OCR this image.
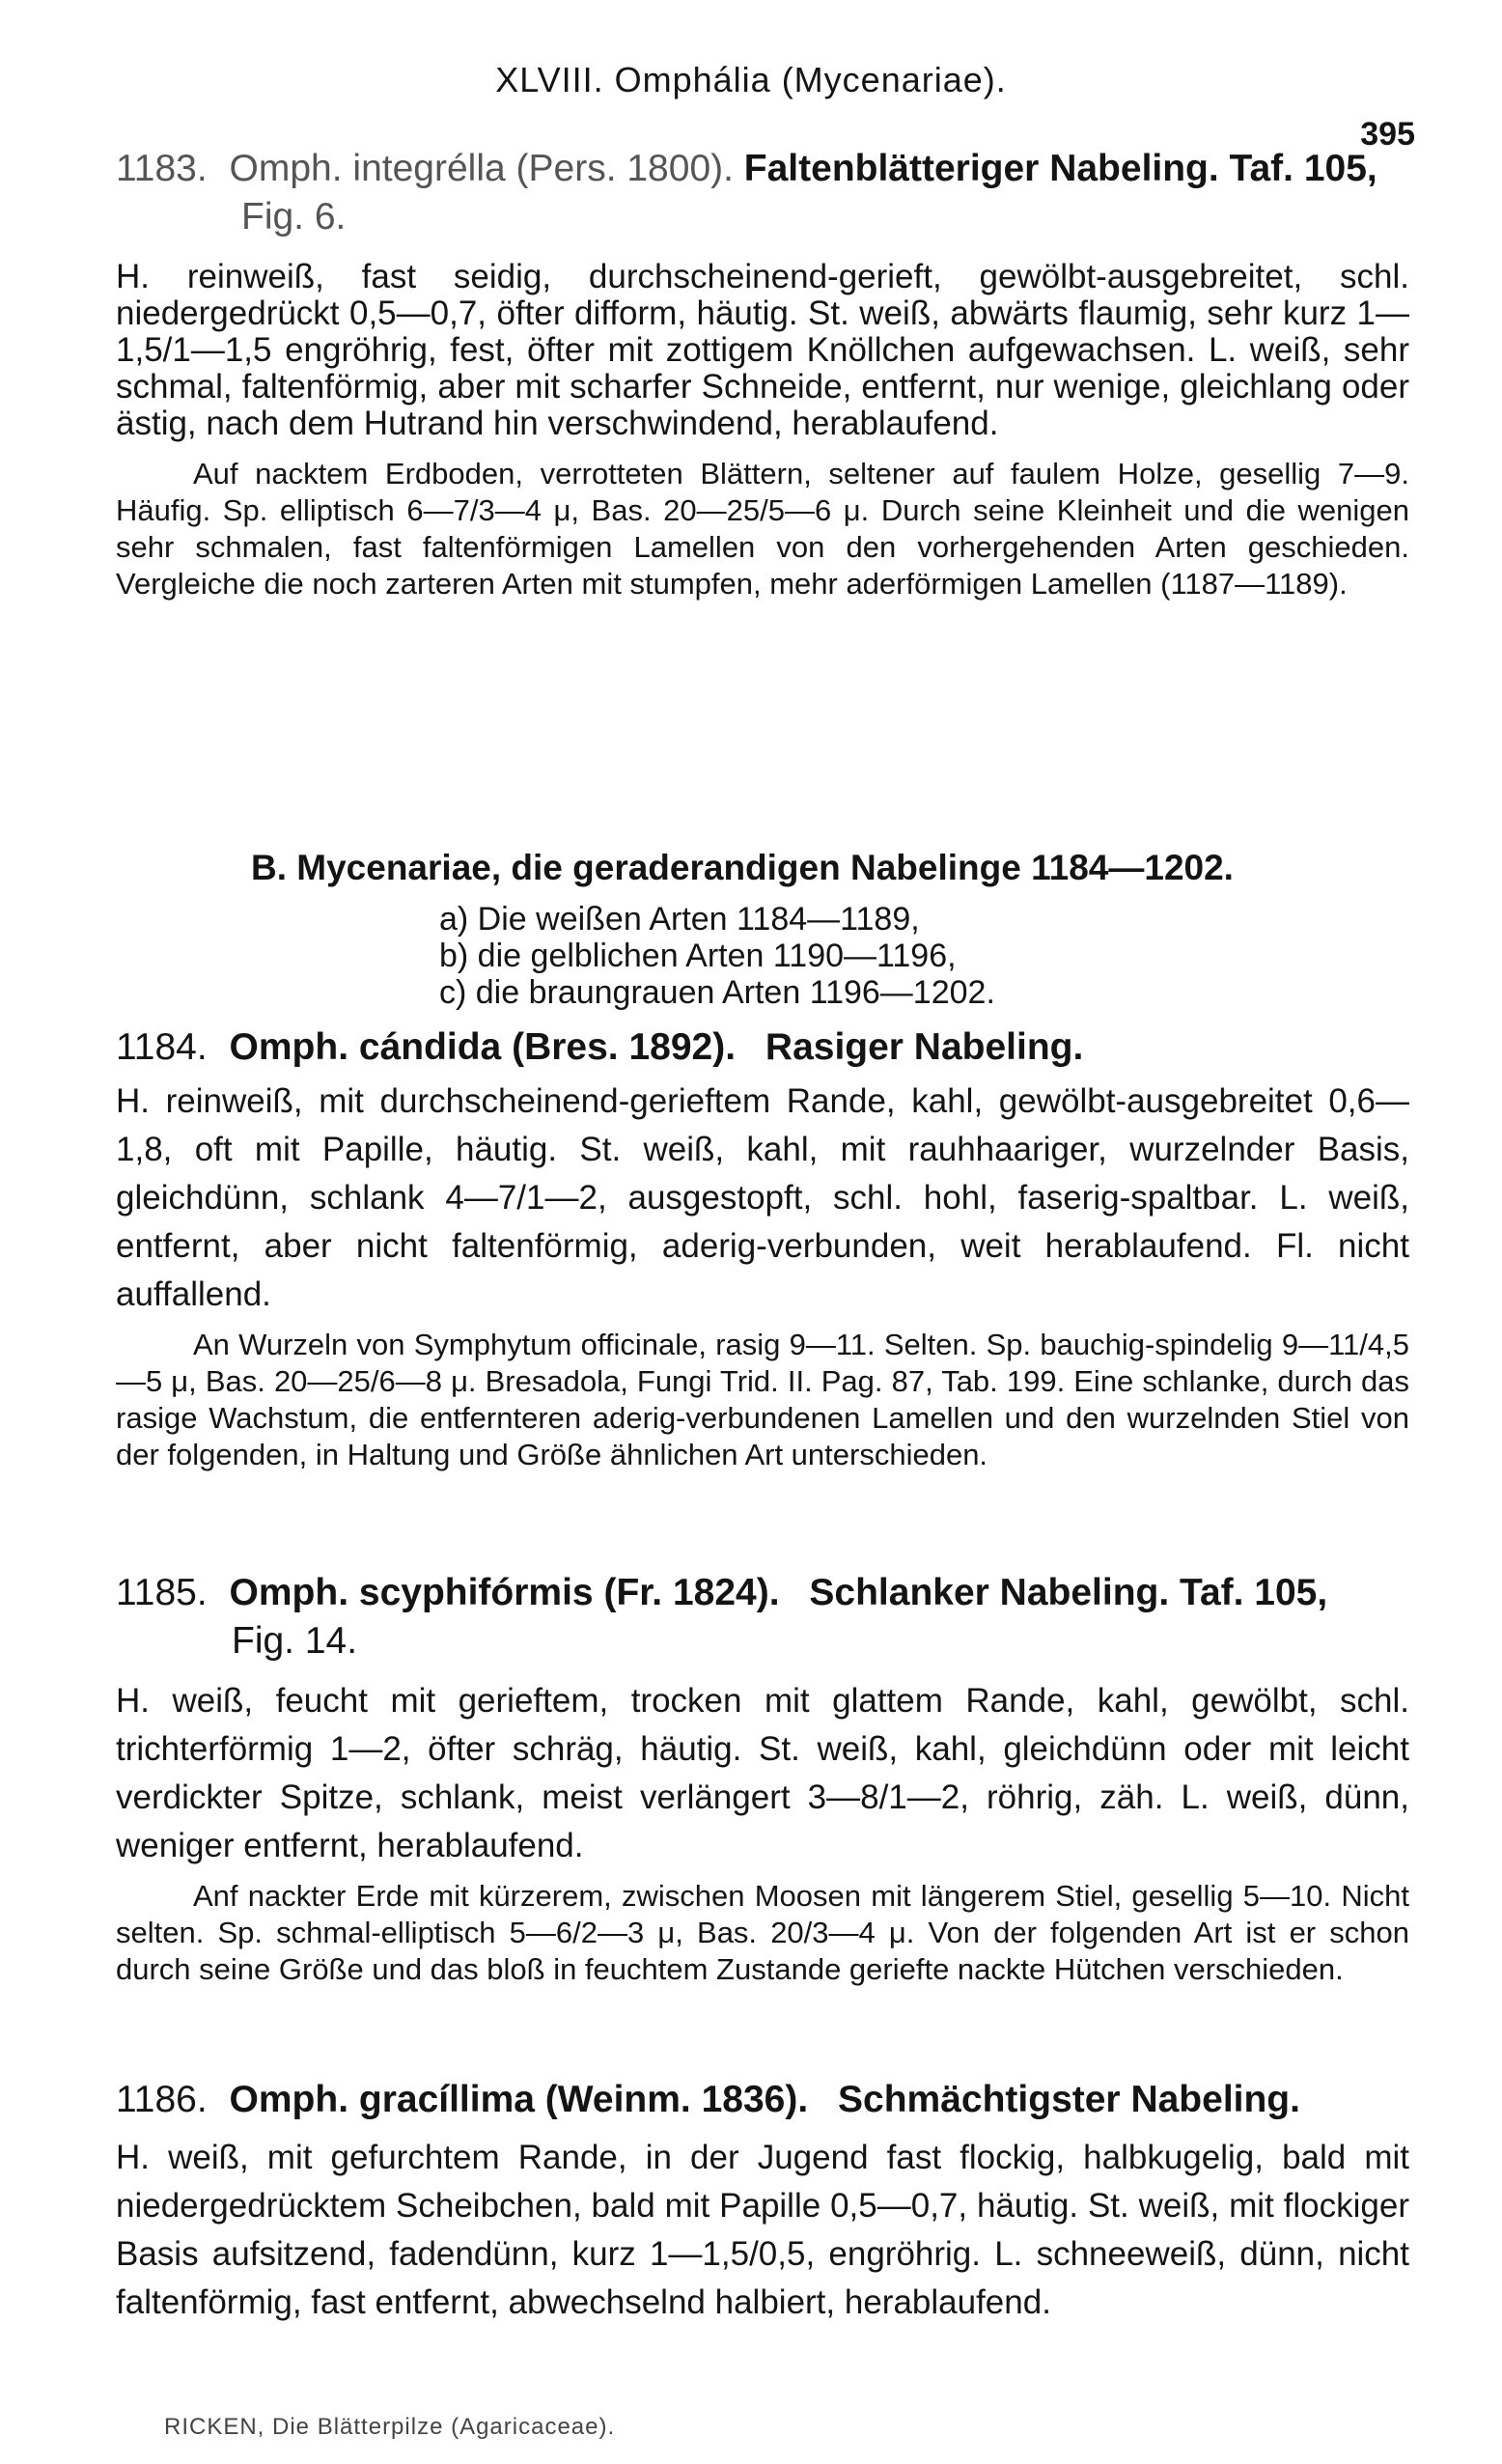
XLVIII. Omphália (Mycenariae).
395
1183. Omph. integrélla (Pers. 1800). Faltenblätteriger Nabeling. Taf. 105,
Fig. 6.

H. reinweiß, fast seidig, durchscheinend-gerieft, gewölbt-ausgebreitet, schl. niedergedrückt 0,5—0,7, öfter difform, häutig. St. weiß, abwärts flaumig, sehr kurz 1—1,5/1—1,5 engröhrig, fest, öfter mit zottigem Knöllchen aufgewachsen. L. weiß, sehr schmal, faltenförmig, aber mit scharfer Schneide, entfernt, nur wenige, gleichlang oder ästig, nach dem Hutrand hin verschwindend, herablaufend.

Auf nacktem Erdboden, verrotteten Blättern, seltener auf faulem Holze, gesellig 7—9. Häufig. Sp. elliptisch 6—7/3—4 μ, Bas. 20—25/5—6 μ. Durch seine Kleinheit und die wenigen sehr schmalen, fast faltenförmigen Lamellen von den vorhergehenden Arten geschieden. Vergleiche die noch zarteren Arten mit stumpfen, mehr aderförmigen Lamellen (1187—1189).

B. Mycenariae, die geraderandigen Nabelinge 1184—1202.
a) Die weißen Arten 1184—1189,
b) die gelblichen Arten 1190—1196,
c) die braungrauen Arten 1196—1202.
1184. Omph. cándida (Bres. 1892). Rasiger Nabeling.

H. reinweiß, mit durchscheinend-gerieftem Rande, kahl, gewölbt-ausgebreitet 0,6—1,8, oft mit Papille, häutig. St. weiß, kahl, mit rauhhaariger, wurzelnder Basis, gleichdünn, schlank 4—7/1—2, ausgestopft, schl. hohl, faserig-spaltbar. L. weiß, entfernt, aber nicht faltenförmig, aderig-verbunden, weit herablaufend. Fl. nicht auffallend.

An Wurzeln von Symphytum officinale, rasig 9—11. Selten. Sp. bauchig-spindelig 9—11/4,5—5 μ, Bas. 20—25/6—8 μ. Bresadola, Fungi Trid. II. Pag. 87, Tab. 199. Eine schlanke, durch das rasige Wachstum, die entfernteren aderig-verbundenen Lamellen und den wurzelnden Stiel von der folgenden, in Haltung und Größe ähnlichen Art unterschieden.

1185. Omph. scyphifórmis (Fr. 1824). Schlanker Nabeling. Taf. 105,
Fig. 14.

H. weiß, feucht mit gerieftem, trocken mit glattem Rande, kahl, gewölbt, schl. trichterförmig 1—2, öfter schräg, häutig. St. weiß, kahl, gleichdünn oder mit leicht verdickter Spitze, schlank, meist verlängert 3—8/1—2, röhrig, zäh. L. weiß, dünn, weniger entfernt, herablaufend.

Anf nackter Erde mit kürzerem, zwischen Moosen mit längerem Stiel, gesellig 5—10. Nicht selten. Sp. schmal-elliptisch 5—6/2—3 μ, Bas. 20/3—4 μ. Von der folgenden Art ist er schon durch seine Größe und das bloß in feuchtem Zustande geriefte nackte Hütchen verschieden.

1186. Omph. gracíllima (Weinm. 1836). Schmächtigster Nabeling.

H. weiß, mit gefurchtem Rande, in der Jugend fast flockig, halbkugelig, bald mit niedergedrücktem Scheibchen, bald mit Papille 0,5—0,7, häutig. St. weiß, mit flockiger Basis aufsitzend, fadendünn, kurz 1—1,5/0,5, engröhrig. L. schneeweiß, dünn, nicht faltenförmig, fast entfernt, abwechselnd halbiert, herablaufend.

RICKEN, Die Blätterpilze (Agaricaceae).
